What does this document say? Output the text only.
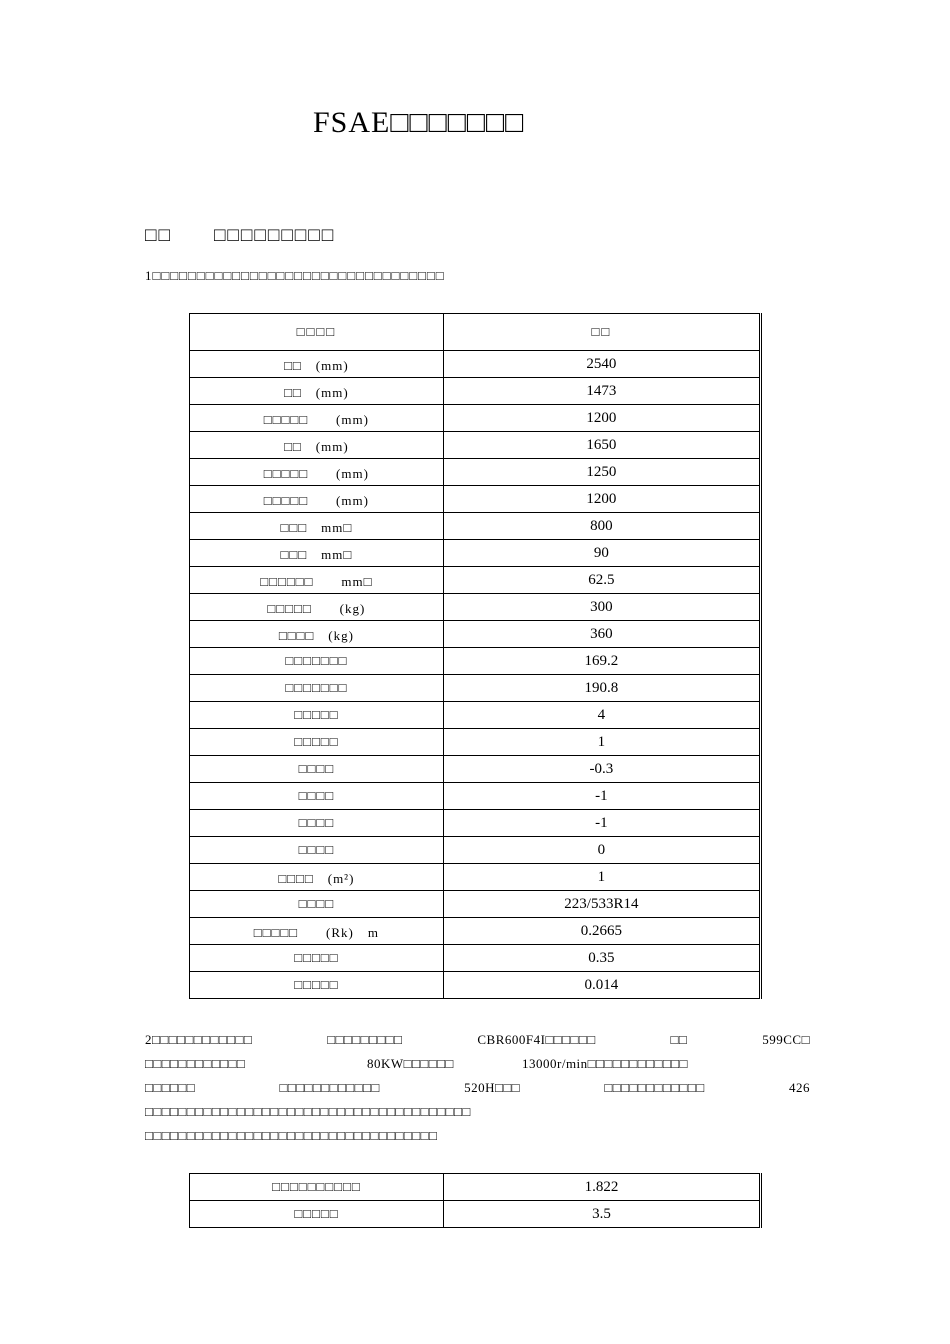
FSAE□□□□□□□
□□　　□□□□□□□□□
1□□□□□□□□□□□□□□□□□□□□□□□□□□□□□□□□□
□□□□	□□
□□　(mm)	2540
□□　(mm)	1473
□□□□□　　(mm)	1200
□□　(mm)	1650
□□□□□　　(mm)	1250
□□□□□　　(mm)	1200
□□□　mm□	800
□□□　mm□	90
□□□□□□　　mm□	62.5
□□□□□　　(kg)	300
□□□□　(kg)	360
□□□□□□□	169.2
□□□□□□□	190.8
□□□□□	4
□□□□□	1
□□□□	-0.3
□□□□	-1
□□□□	-1
□□□□	0
□□□□　(m²)	1
□□□□	223/533R14
□□□□□　　(Rk)　m	0.2665
□□□□□	0.35
□□□□□	0.014
2□□□□□□□□□□□□	□□□□□□□□□	CBR600F4I□□□□□□	□□	599CC□
□□□□□□□□□□□□	80KW□□□□□□	13000r/min□□□□□□□□□□□□
□□□□□□	□□□□□□□□□□□□	520H□□□	□□□□□□□□□□□□	426
□□□□□□□□□□□□□□□□□□□□□□□□□□□□□□□□□□□□□□□
□□□□□□□□□□□□□□□□□□□□□□□□□□□□□□□□□□□
□□□□□□□□□□	1.822
□□□□□	3.5
